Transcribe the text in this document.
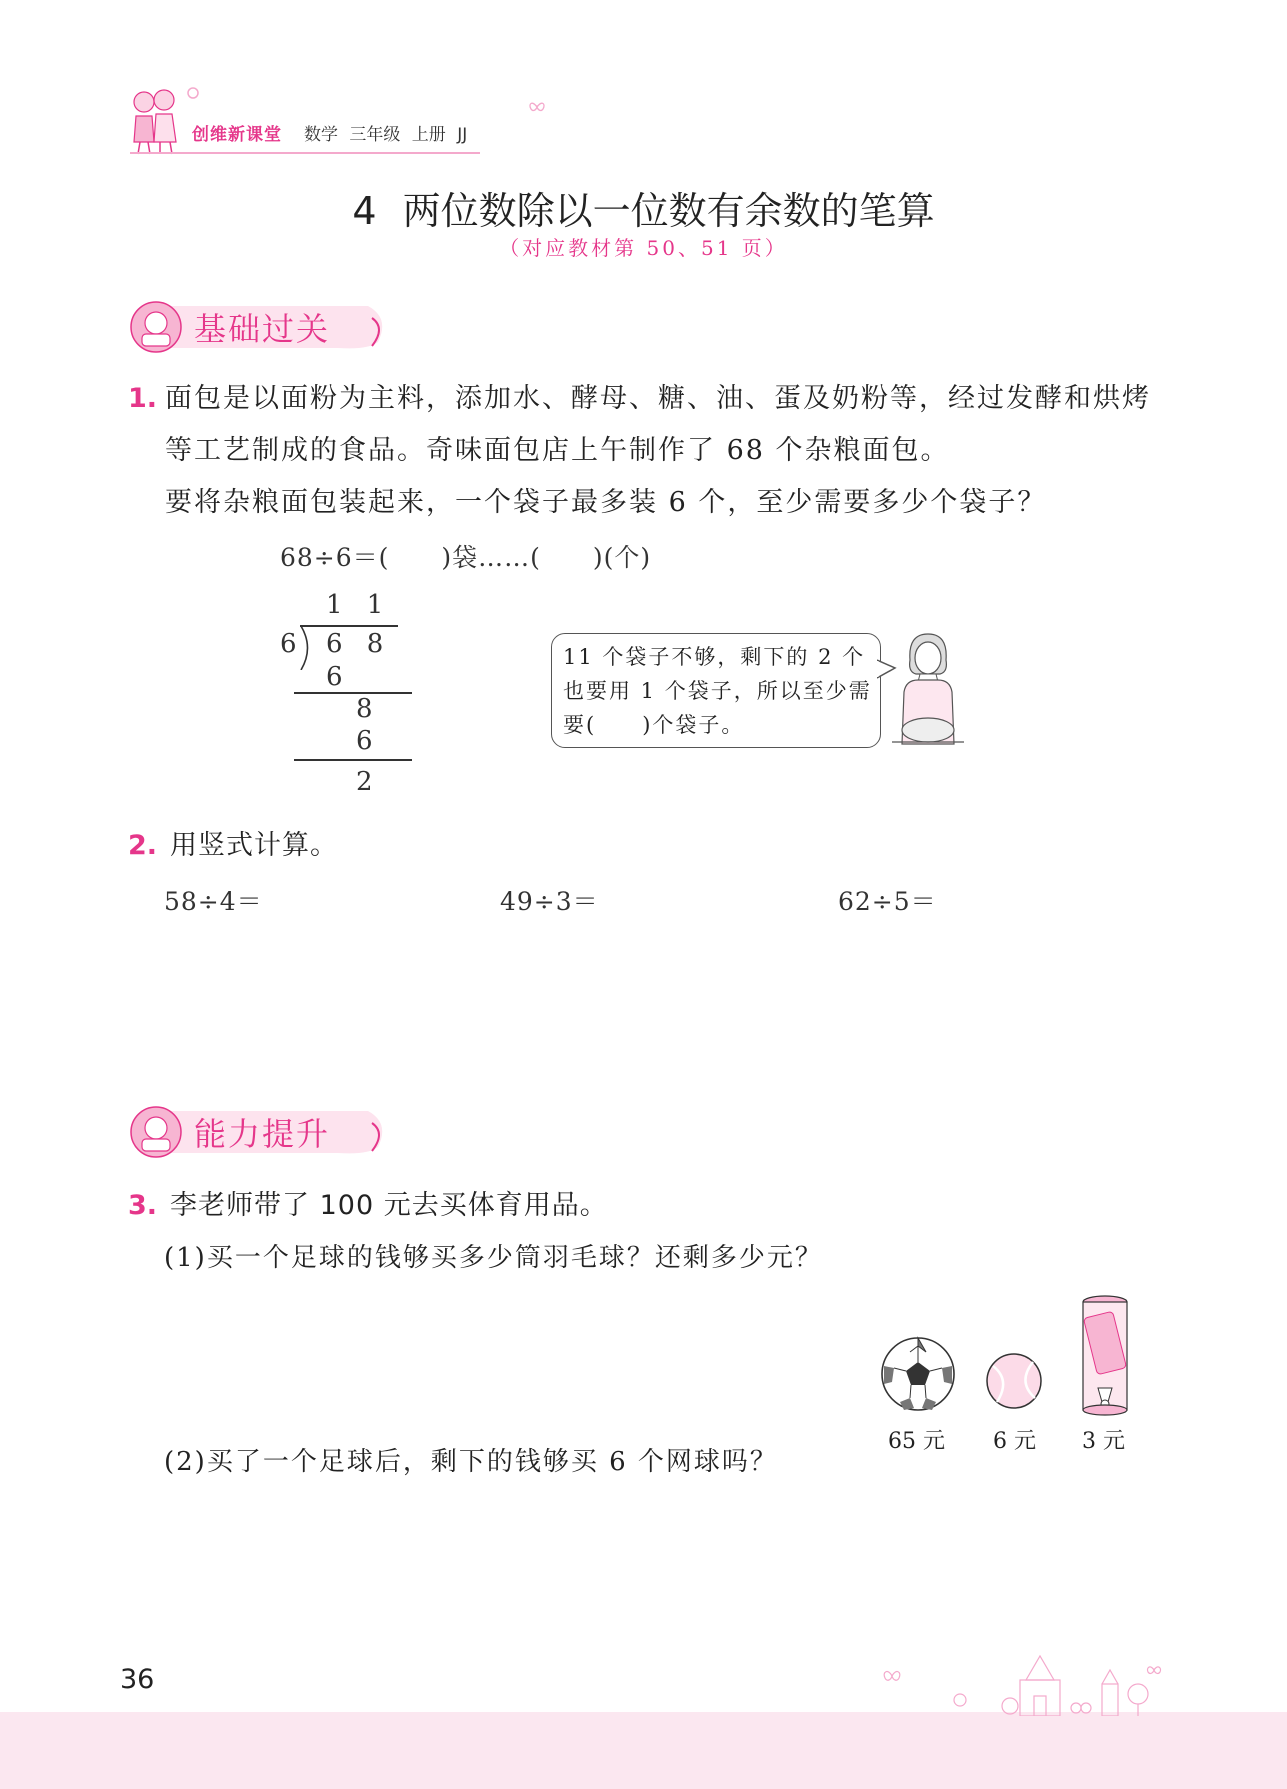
创维新课堂 数学 三年级 上册 JJ
4 两位数除以一位数有余数的笔算
（对应教材第 50、51 页）
基础过关
1. 面包是以面粉为主料，添加水、酵母、糖、油、蛋及奶粉等，经过发酵和烘烤
等工艺制成的食品。奇味面包店上午制作了 68 个杂粮面包。
要将杂粮面包装起来，一个袋子最多装 6 个，至少需要多少个袋子？
68÷6＝(　　)袋……(　　)(个)
1 1
6 6 8
6
8
6
2
11 个袋子不够，剩下的 2 个
也要用 1 个袋子，所以至少需
要(　　)个袋子。
2. 用竖式计算。
58÷4＝	49÷3＝	62÷5＝
能力提升
3. 李老师带了 100 元去买体育用品。
(1)买一个足球的钱够买多少筒羽毛球？还剩多少元？
(2)买了一个足球后，剩下的钱够买 6 个网球吗？
65 元 6 元 3 元
36
